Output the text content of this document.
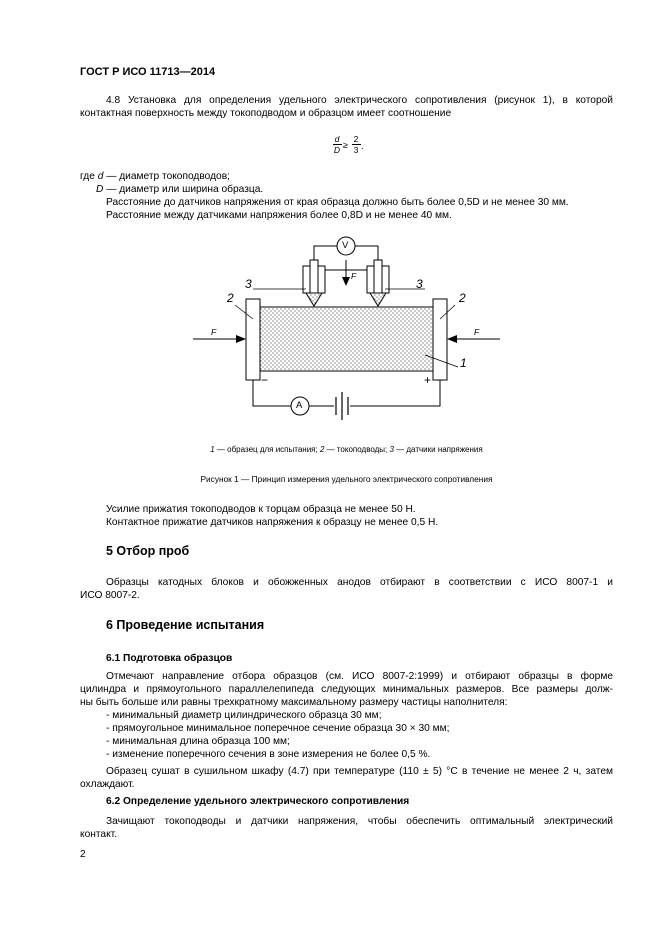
ГОСТ Р ИСО 11713—2014
4.8 Установка для определения удельного электрического сопротивления (рисунок 1), в которой
контактная поверхность между токоподводом и образцом имеет соотношение
d
D ≥
2
3 .
где d — диаметр токоподводов;
D — диаметр или ширина образца.
Расстояние до датчиков напряжения от края образца должно быть более 0,5D и не менее 30 мм.
Расстояние между датчиками напряжения более 0,8D и не менее 40 мм.
V
A
F
F	F
2	2
3	3
1
−	+
1 — образец для испытания; 2 — токоподводы; 3 — датчики напряжения
Рисунок 1 — Принцип измерения удельного электрического сопротивления
Усилие прижатия токоподводов к торцам образца не менее 50 Н.
Контактное прижатие датчиков напряжения к образцу не менее 0,5 Н.
5 Отбор проб
Образцы катодных блоков и обожженных анодов отбирают в соответствии с ИСО 8007-1 и
ИСО 8007-2.
6 Проведение испытания
6.1 Подготовка образцов
Отмечают направление отбора образцов (см. ИСО 8007-2:1999) и отбирают образцы в форме
цилиндра и прямоугольного параллелепипеда следующих минимальных размеров. Все размеры долж-
ны быть больше или равны трехкратному максимальному размеру частицы наполнителя:
- минимальный диаметр цилиндрического образца 30 мм;
- прямоугольное минимальное поперечное сечение образца 30 × 30 мм;
- минимальная длина образца 100 мм;
- изменение поперечного сечения в зоне измерения не более 0,5 %.
Образец сушат в сушильном шкафу (4.7) при температуре (110 ± 5) °С в течение не менее 2 ч, затем
охлаждают.
6.2 Определение удельного электрического сопротивления
Зачищают токоподводы и датчики напряжения, чтобы обеспечить оптимальный электрический
контакт.
2
